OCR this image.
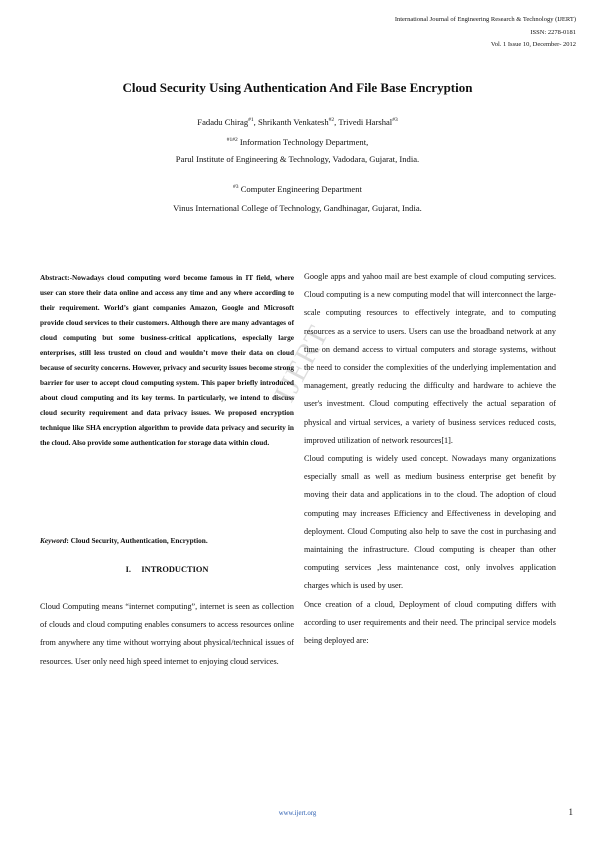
International Journal of Engineering Research & Technology (IJERT)
ISSN: 2278-0181
Vol. 1 Issue 10, December- 2012
Cloud Security Using Authentication And File Base Encryption
Fadadu Chirag$^{\#1}$, Shrikanth Venkatesh$^{\#2}$, Trivedi Harshal$^{\#3}$
$^{\#1\#2}$ Information Technology Department,
Parul Institute of Engineering & Technology, Vadodara, Gujarat, India.
$^{\#3}$ Computer Engineering Department
Vinus International College of Technology, Gandhinagar, Gujarat, India.
IJERT
Abstract:-Nowadays cloud computing word become famous in IT field, where user can store their data online and access any time and any where according to their requirement. World’s giant companies Amazon, Google and Microsoft provide cloud services to their customers. Although there are many advantages of cloud computing but some business-critical applications, especially large enterprises, still less trusted on cloud and wouldn’t move their data on cloud because of security concerns. However, privacy and security issues become strong barrier for user to accept cloud computing system. This paper briefly introduced about cloud computing and its key terms. In particularly, we intend to discuss cloud security requirement and data privacy issues. We proposed encryption technique like SHA encryption algorithm to provide data privacy and security in the cloud. Also provide some authentication for storage data within cloud.
Keyword: Cloud Security, Authentication, Encryption.
I.     INTRODUCTION

Cloud Computing means “internet computing”, internet is seen as collection of clouds and cloud computing enables consumers to access resources online from anywhere any time without worrying about physical/technical issues of resources. User only need high speed internet to enjoying cloud services.

Google apps and yahoo mail are best example of cloud computing services. Cloud computing is a new computing model that will interconnect the large-scale computing resources to effectively integrate, and to computing resources as a service to users. Users can use the broadband network at any time on demand access to virtual computers and storage systems, without the need to consider the complexities of the underlying implementation and management, greatly reducing the difficulty and hardware to achieve the user's investment. Cloud computing effectively the actual separation of physical and virtual services, a variety of business services reduced costs, improved utilization of network resources[1].

Cloud computing is widely used concept. Nowadays many organizations especially small as well as medium business enterprise get benefit by moving their data and applications in to the cloud. The adoption of cloud computing may increases Efficiency and Effectiveness in developing and deployment. Cloud Computing also help to save the cost in purchasing and maintaining the infrastructure. Cloud computing is cheaper than other computing services ,less maintenance cost, only involves application charges which is used by user.

Once creation of a cloud, Deployment of cloud computing differs with according to user requirements and their need. The principal service models being deployed are:

www.ijert.org	1
